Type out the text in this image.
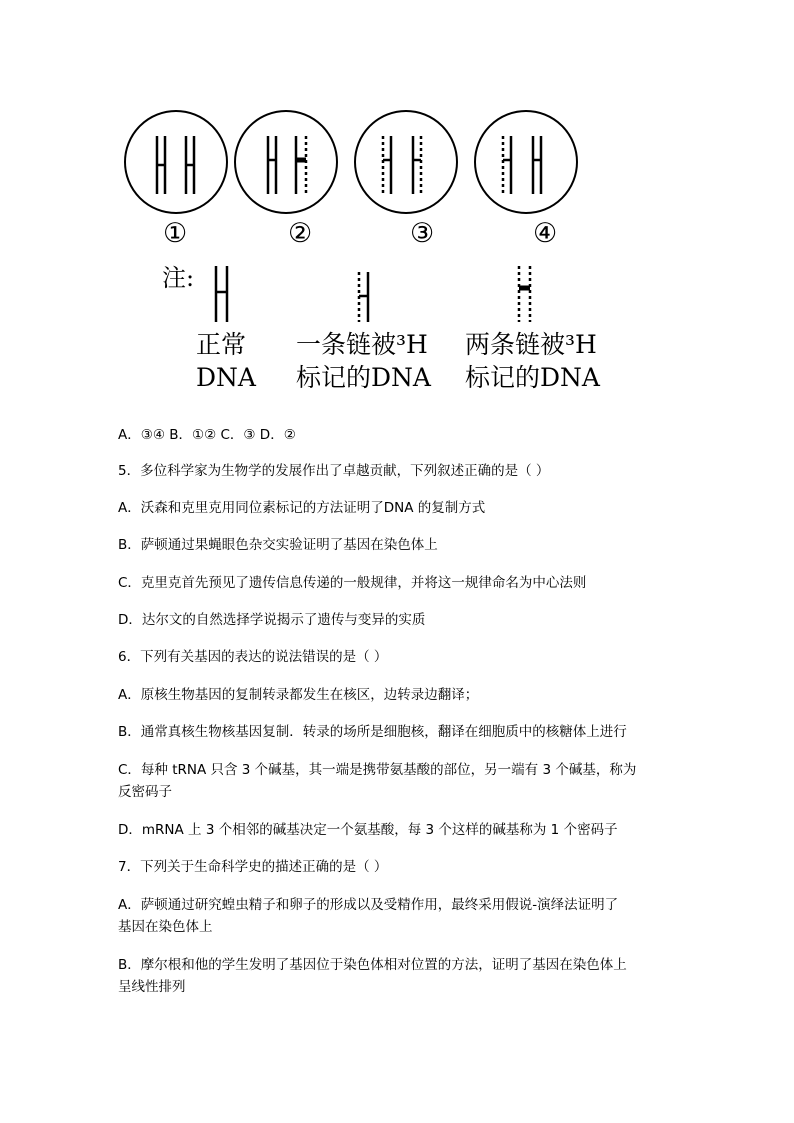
①	②	③	④
注:
正常
DNA
一条链被³H
标记的DNA
两条链被³H
标记的DNA
A．③④ B．①② C．③ D．②
5．多位科学家为生物学的发展作出了卓越贡献，下列叙述正确的是（ ）
A．沃森和克里克用同位素标记的方法证明了DNA 的复制方式
B．萨顿通过果蝇眼色杂交实验证明了基因在染色体上
C．克里克首先预见了遗传信息传递的一般规律，并将这一规律命名为中心法则
D．达尔文的自然选择学说揭示了遗传与变异的实质
6．下列有关基因的表达的说法错误的是（ ）
A．原核生物基因的复制转录都发生在核区，边转录边翻译；
B．通常真核生物核基因复制．转录的场所是细胞核，翻译在细胞质中的核糖体上进行
C．每种 tRNA 只含 3 个碱基，其一端是携带氨基酸的部位，另一端有 3 个碱基，称为
反密码子
D．mRNA 上 3 个相邻的碱基决定一个氨基酸，每 3 个这样的碱基称为 1 个密码子
7．下列关于生命科学史的描述正确的是（ ）
A．萨顿通过研究蝗虫精子和卵子的形成以及受精作用，最终采用假说-演绎法证明了
基因在染色体上
B．摩尔根和他的学生发明了基因位于染色体相对位置的方法，证明了基因在染色体上
呈线性排列
